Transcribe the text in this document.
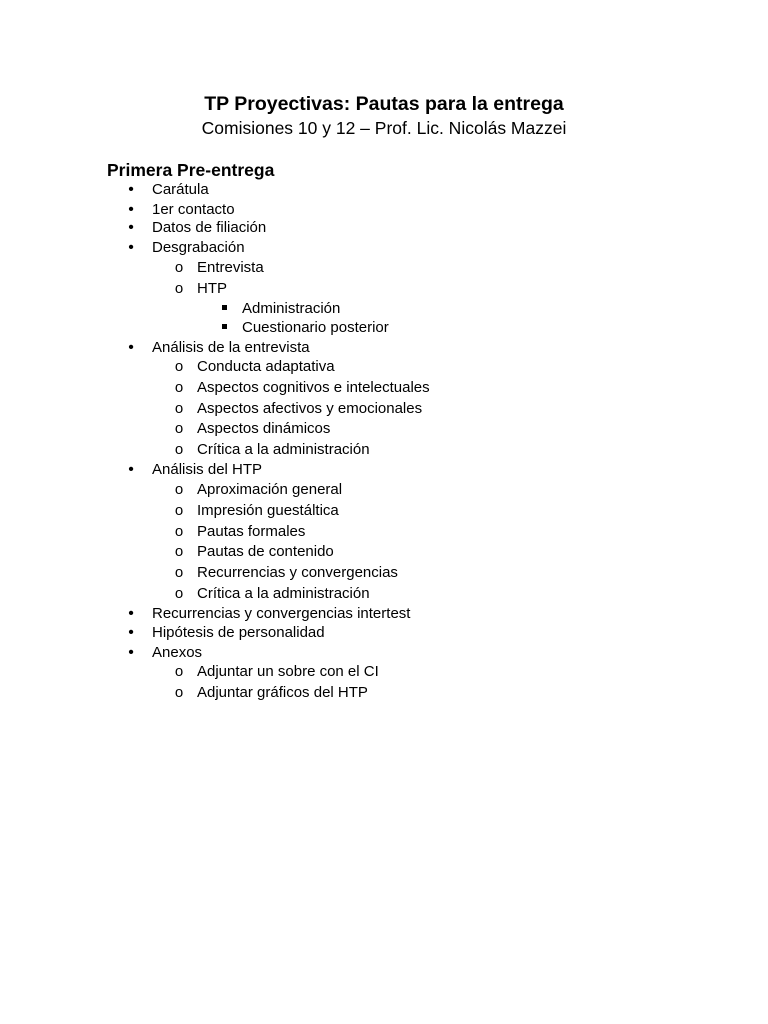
TP Proyectivas: Pautas para la entrega

Comisiones 10 y 12 – Prof. Lic. Nicolás Mazzei

Primera Pre-entrega
•	Carátula
•	1er contacto
•	Datos de filiación
•	Desgrabación
o Entrevista
o HTP
Administración
Cuestionario posterior
•	Análisis de la entrevista
o Conducta adaptativa
o Aspectos cognitivos e intelectuales
o Aspectos afectivos y emocionales
o Aspectos dinámicos
o Crítica a la administración
•	Análisis del HTP
o Aproximación general
o Impresión guestáltica
o Pautas formales
o Pautas de contenido
o Recurrencias y convergencias
o Crítica a la administración
•	Recurrencias y convergencias intertest
•	Hipótesis de personalidad
•	Anexos
o Adjuntar un sobre con el CI
o Adjuntar gráficos del HTP
